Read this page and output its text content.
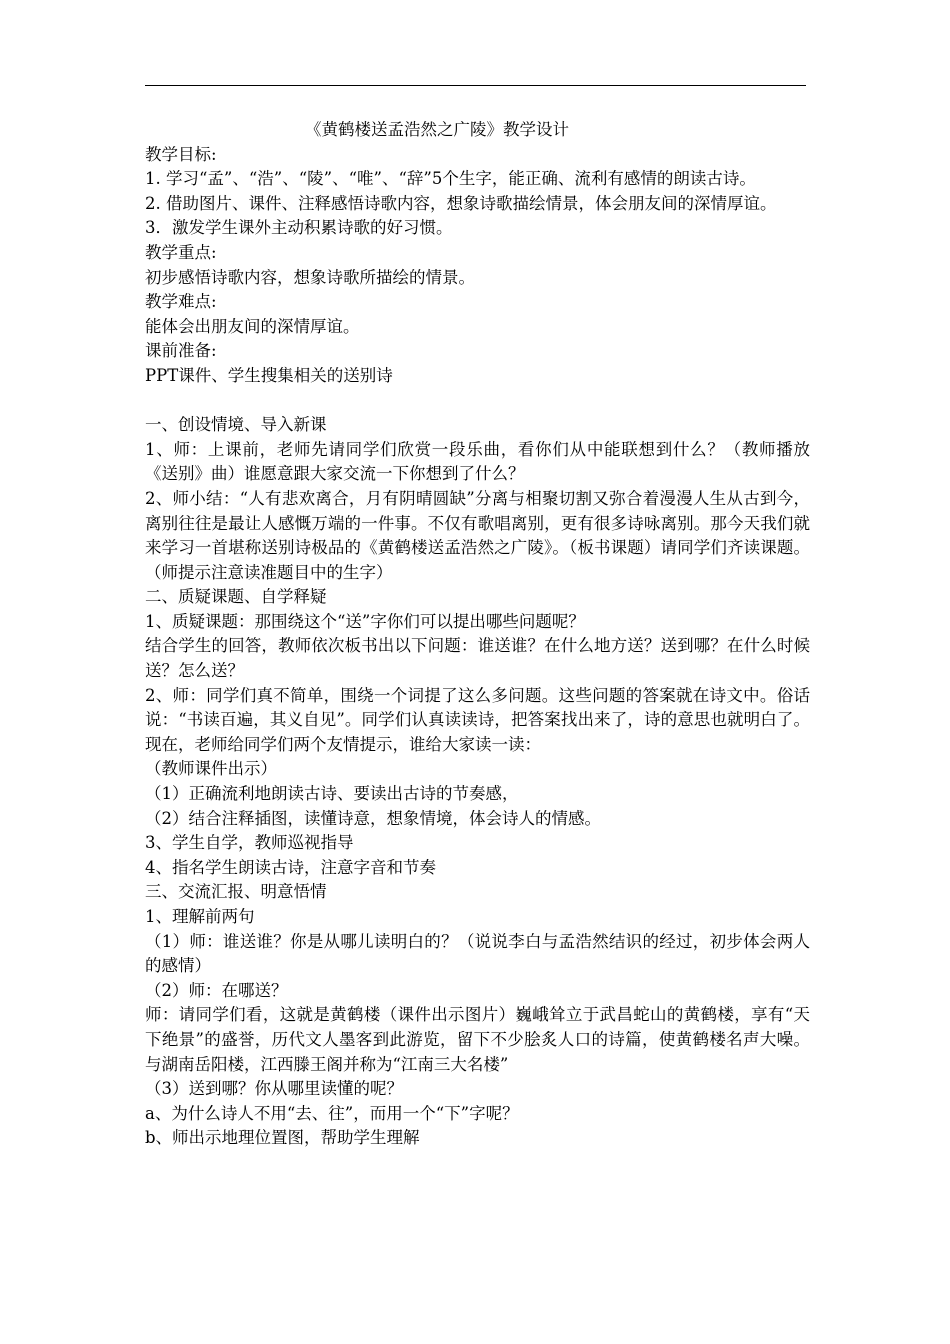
《黄鹤楼送孟浩然之广陵》教学设计

教学目标:

1. 学习“孟”、“浩”、“陵”、“唯”、“辞”5个生字，能正确、流利有感情的朗读古诗。

2. 借助图片、课件、注释感悟诗歌内容，想象诗歌描绘情景，体会朋友间的深情厚谊。

3．激发学生课外主动积累诗歌的好习惯。

教学重点:

初步感悟诗歌内容，想象诗歌所描绘的情景。

教学难点:

能体会出朋友间的深情厚谊。

课前准备:

PPT课件、学生搜集相关的送别诗

一、创设情境、导入新课

1、师：上课前，老师先请同学们欣赏一段乐曲，看你们从中能联想到什么？（教师播放《送别》曲）谁愿意跟大家交流一下你想到了什么？

2、师小结：“人有悲欢离合，月有阴晴圆缺”分离与相聚切割又弥合着漫漫人生从古到今，离别往往是最让人感慨万端的一件事。不仅有歌唱离别，更有很多诗咏离别。那今天我们就来学习一首堪称送别诗极品的《黄鹤楼送孟浩然之广陵》。（板书课题）请同学们齐读课题。（师提示注意读准题目中的生字）

二、质疑课题、自学释疑

1、质疑课题：那围绕这个“送”字你们可以提出哪些问题呢？

结合学生的回答，教师依次板书出以下问题：谁送谁？在什么地方送？送到哪？在什么时候送？怎么送？

2、师：同学们真不简单，围绕一个词提了这么多问题。这些问题的答案就在诗文中。俗话说：“书读百遍，其义自见”。同学们认真读读诗，把答案找出来了，诗的意思也就明白了。现在，老师给同学们两个友情提示，谁给大家读一读：

（教师课件出示）

（1）正确流利地朗读古诗、要读出古诗的节奏感，

（2）结合注释插图，读懂诗意，想象情境，体会诗人的情感。

3、学生自学，教师巡视指导

4、指名学生朗读古诗，注意字音和节奏

三、交流汇报、明意悟情

1、理解前两句

（1）师：谁送谁？你是从哪儿读明白的？（说说李白与孟浩然结识的经过，初步体会两人的感情）

（2）师：在哪送？

师：请同学们看，这就是黄鹤楼（课件出示图片）巍峨耸立于武昌蛇山的黄鹤楼，享有“天下绝景”的盛誉，历代文人墨客到此游览，留下不少脍炙人口的诗篇，使黄鹤楼名声大噪。与湖南岳阳楼，江西滕王阁并称为“江南三大名楼”

（3）送到哪？你从哪里读懂的呢？

a、为什么诗人不用“去、往”，而用一个“下”字呢？

b、师出示地理位置图，帮助学生理解
